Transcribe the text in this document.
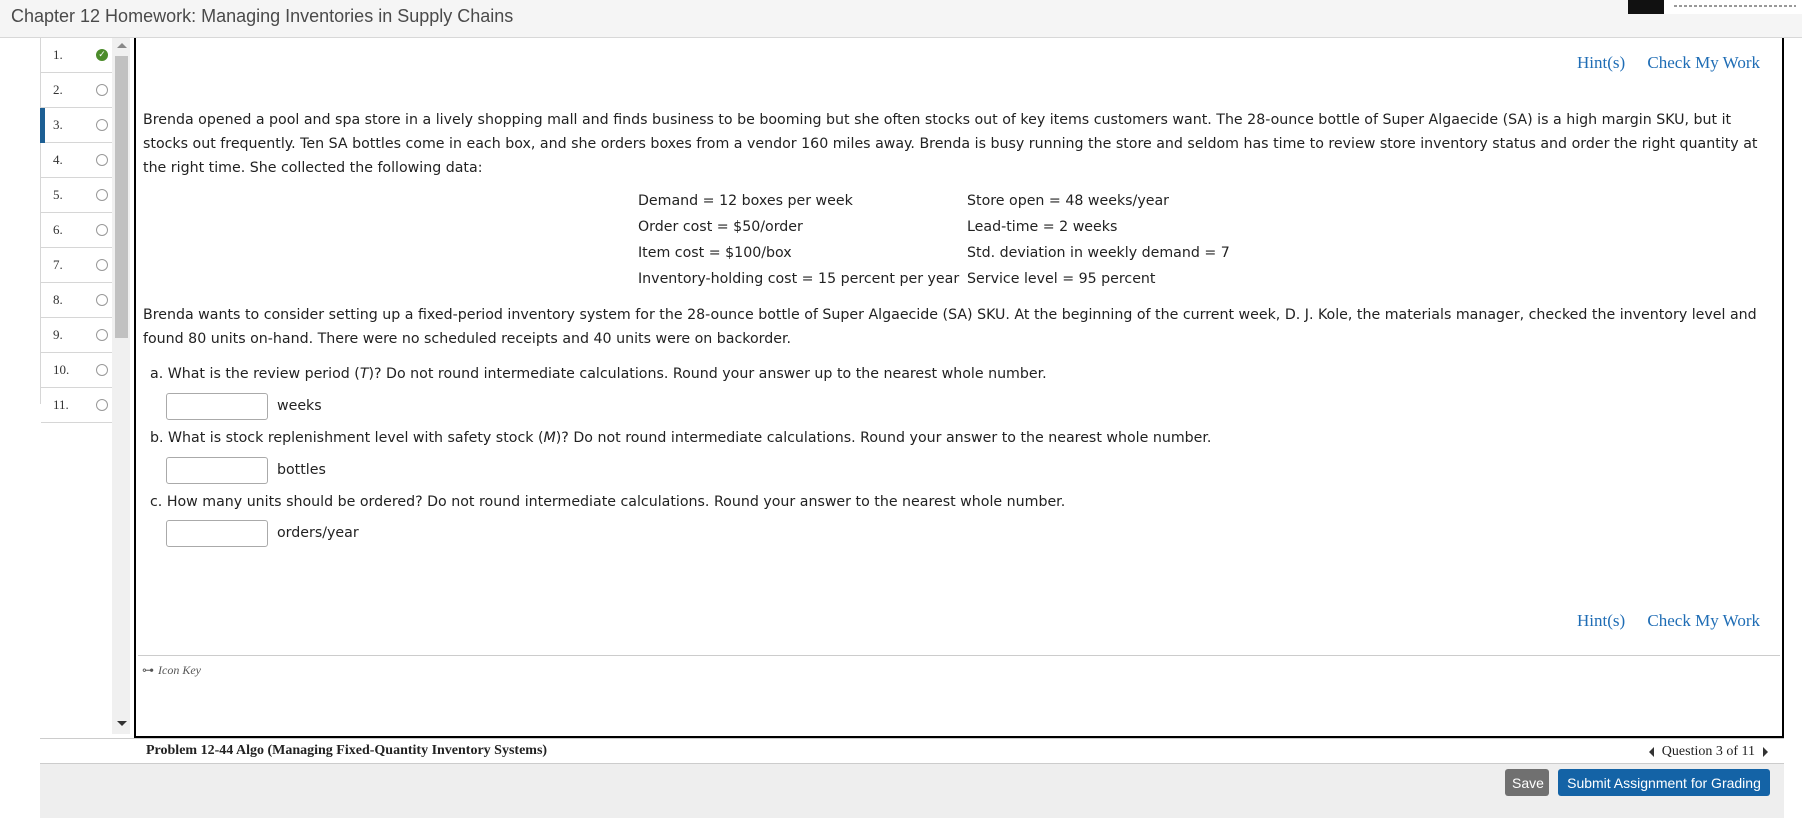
Chapter 12 Homework: Managing Inventories in Supply Chains
1.	✓
2.
3.
4.
5.
6.
7.
8.
9.
10.
11.
Hint(s) Check My Work
Brenda opened a pool and spa store in a lively shopping mall and finds business to be booming but she often stocks out of key items customers want. The 28-ounce bottle of Super Algaecide (SA) is a high margin SKU, but it stocks out frequently. Ten SA bottles come in each box, and she orders boxes from a vendor 160 miles away. Brenda is busy running the store and seldom has time to review store inventory status and order the right quantity at the right time. She collected the following data:
Demand = 12 boxes per week	Store open = 48 weeks/year
Order cost = $50/order	Lead-time = 2 weeks
Item cost = $100/box	Std. deviation in weekly demand = 7
Inventory-holding cost = 15 percent per year Service level = 95 percent
Brenda wants to consider setting up a fixed-period inventory system for the 28-ounce bottle of Super Algaecide (SA) SKU. At the beginning of the current week, D. J. Kole, the materials manager, checked the inventory level and found 80 units on-hand. There were no scheduled receipts and 40 units were on backorder.
a. What is the review period (T)? Do not round intermediate calculations. Round your answer up to the nearest whole number.
weeks
b. What is stock replenishment level with safety stock (M)? Do not round intermediate calculations. Round your answer to the nearest whole number.
bottles
c. How many units should be ordered? Do not round intermediate calculations. Round your answer to the nearest whole number.
orders/year
Hint(s) Check My Work
⊶ Icon Key
Problem 12-44 Algo (Managing Fixed-Quantity Inventory Systems)	Question 3 of 11
Save	Submit Assignment for Grading
